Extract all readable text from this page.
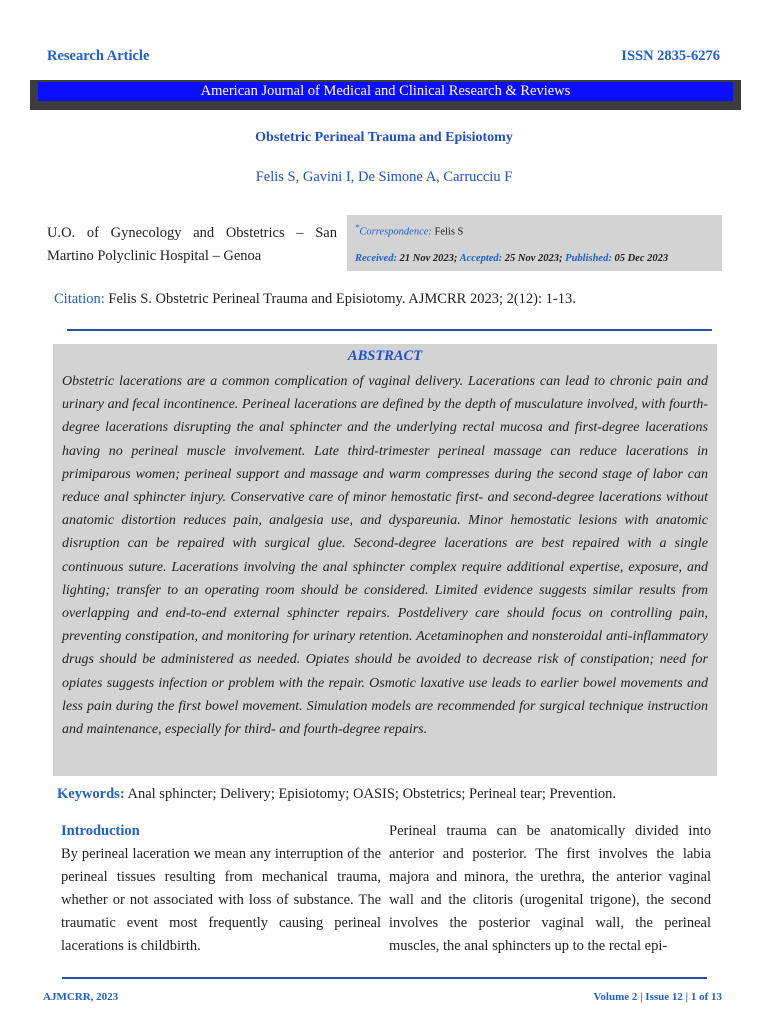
Research Article	ISSN 2835-6276
American Journal of Medical and Clinical Research & Reviews
Obstetric Perineal Trauma and Episiotomy
Felis S, Gavini I, De Simone A, Carrucciu F
U.O. of Gynecology and Obstetrics – San Martino Polyclinic Hospital – Genoa
*Correspondence: Felis S
Received: 21 Nov 2023; Accepted: 25 Nov 2023; Published: 05 Dec 2023
Citation: Felis S. Obstetric Perineal Trauma and Episiotomy. AJMCRR 2023; 2(12): 1-13.
ABSTRACT
Obstetric lacerations are a common complication of vaginal delivery. Lacerations can lead to chronic pain and urinary and fecal incontinence. Perineal lacerations are defined by the depth of musculature involved, with fourth-degree lacerations disrupting the anal sphincter and the underlying rectal mucosa and first-degree lacerations having no perineal muscle involvement. Late third-trimester perineal massage can reduce lacerations in primiparous women; perineal support and massage and warm compresses during the second stage of labor can reduce anal sphincter injury. Conservative care of minor hemostatic first- and second-degree lacerations without anatomic distortion reduces pain, analgesia use, and dyspareunia. Minor hemostatic lesions with anatomic disruption can be repaired with surgical glue. Second-degree lacerations are best repaired with a single continuous suture. Lacerations involving the anal sphincter complex require additional expertise, exposure, and lighting; transfer to an operating room should be considered. Limited evidence suggests similar results from overlapping and end-to-end external sphincter repairs. Postdelivery care should focus on controlling pain, preventing constipation, and monitoring for urinary retention. Acetaminophen and nonsteroidal anti-inflammatory drugs should be administered as needed. Opiates should be avoided to decrease risk of constipation; need for opiates suggests infection or problem with the repair. Osmotic laxative use leads to earlier bowel movements and less pain during the first bowel movement. Simulation models are recommended for surgical technique instruction and maintenance, especially for third- and fourth-degree repairs.
Keywords: Anal sphincter; Delivery; Episiotomy; OASIS; Obstetrics; Perineal tear; Prevention.
Introduction
By perineal laceration we mean any interruption of the perineal tissues resulting from mechanical trauma, whether or not associated with loss of substance. The traumatic event most frequently causing perineal lacerations is childbirth.
Perineal trauma can be anatomically divided into anterior and posterior. The first involves the labia majora and minora, the urethra, the anterior vaginal wall and the clitoris (urogenital trigone), the second involves the posterior vaginal wall, the perineal muscles, the anal sphincters up to the rectal epi-
AJMCRR, 2023	Volume 2 | Issue 12 | 1 of 13
